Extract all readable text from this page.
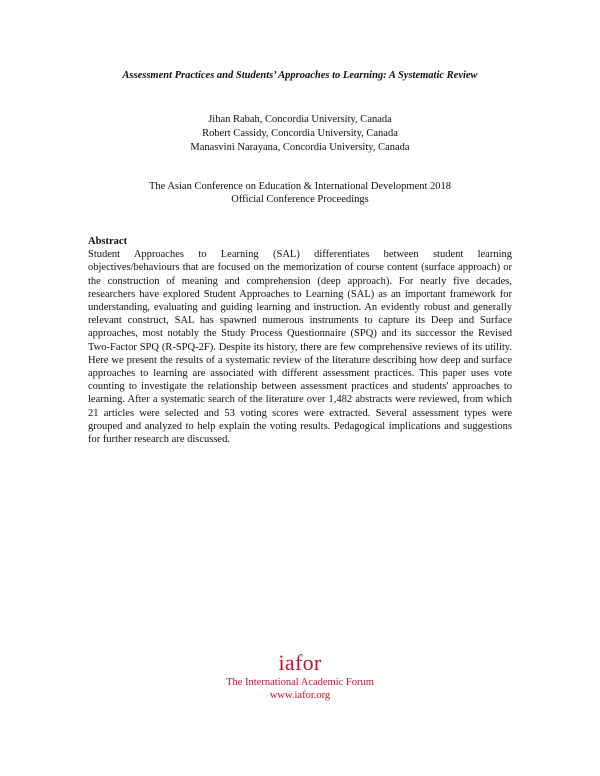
Assessment Practices and Students’ Approaches to Learning: A Systematic Review
Jihan Rabah, Concordia University, Canada
Robert Cassidy, Concordia University, Canada
Manasvini Narayana, Concordia University, Canada
The Asian Conference on Education & International Development 2018
Official Conference Proceedings
Abstract
Student Approaches to Learning (SAL) differentiates between student learning objectives/behaviours that are focused on the memorization of course content (surface approach) or the construction of meaning and comprehension (deep approach). For nearly five decades, researchers have explored Student Approaches to Learning (SAL) as an important framework for understanding, evaluating and guiding learning and instruction. An evidently robust and generally relevant construct, SAL has spawned numerous instruments to capture its Deep and Surface approaches, most notably the Study Process Questionnaire (SPQ) and its successor the Revised Two-Factor SPQ (R-SPQ-2F). Despite its history, there are few comprehensive reviews of its utility. Here we present the results of a systematic review of the literature describing how deep and surface approaches to learning are associated with different assessment practices. This paper uses vote counting to investigate the relationship between assessment practices and students' approaches to learning. After a systematic search of the literature over 1,482 abstracts were reviewed, from which 21 articles were selected and 53 voting scores were extracted. Several assessment types were grouped and analyzed to help explain the voting results. Pedagogical implications and suggestions for further research are discussed.
iafor
The International Academic Forum
www.iafor.org
